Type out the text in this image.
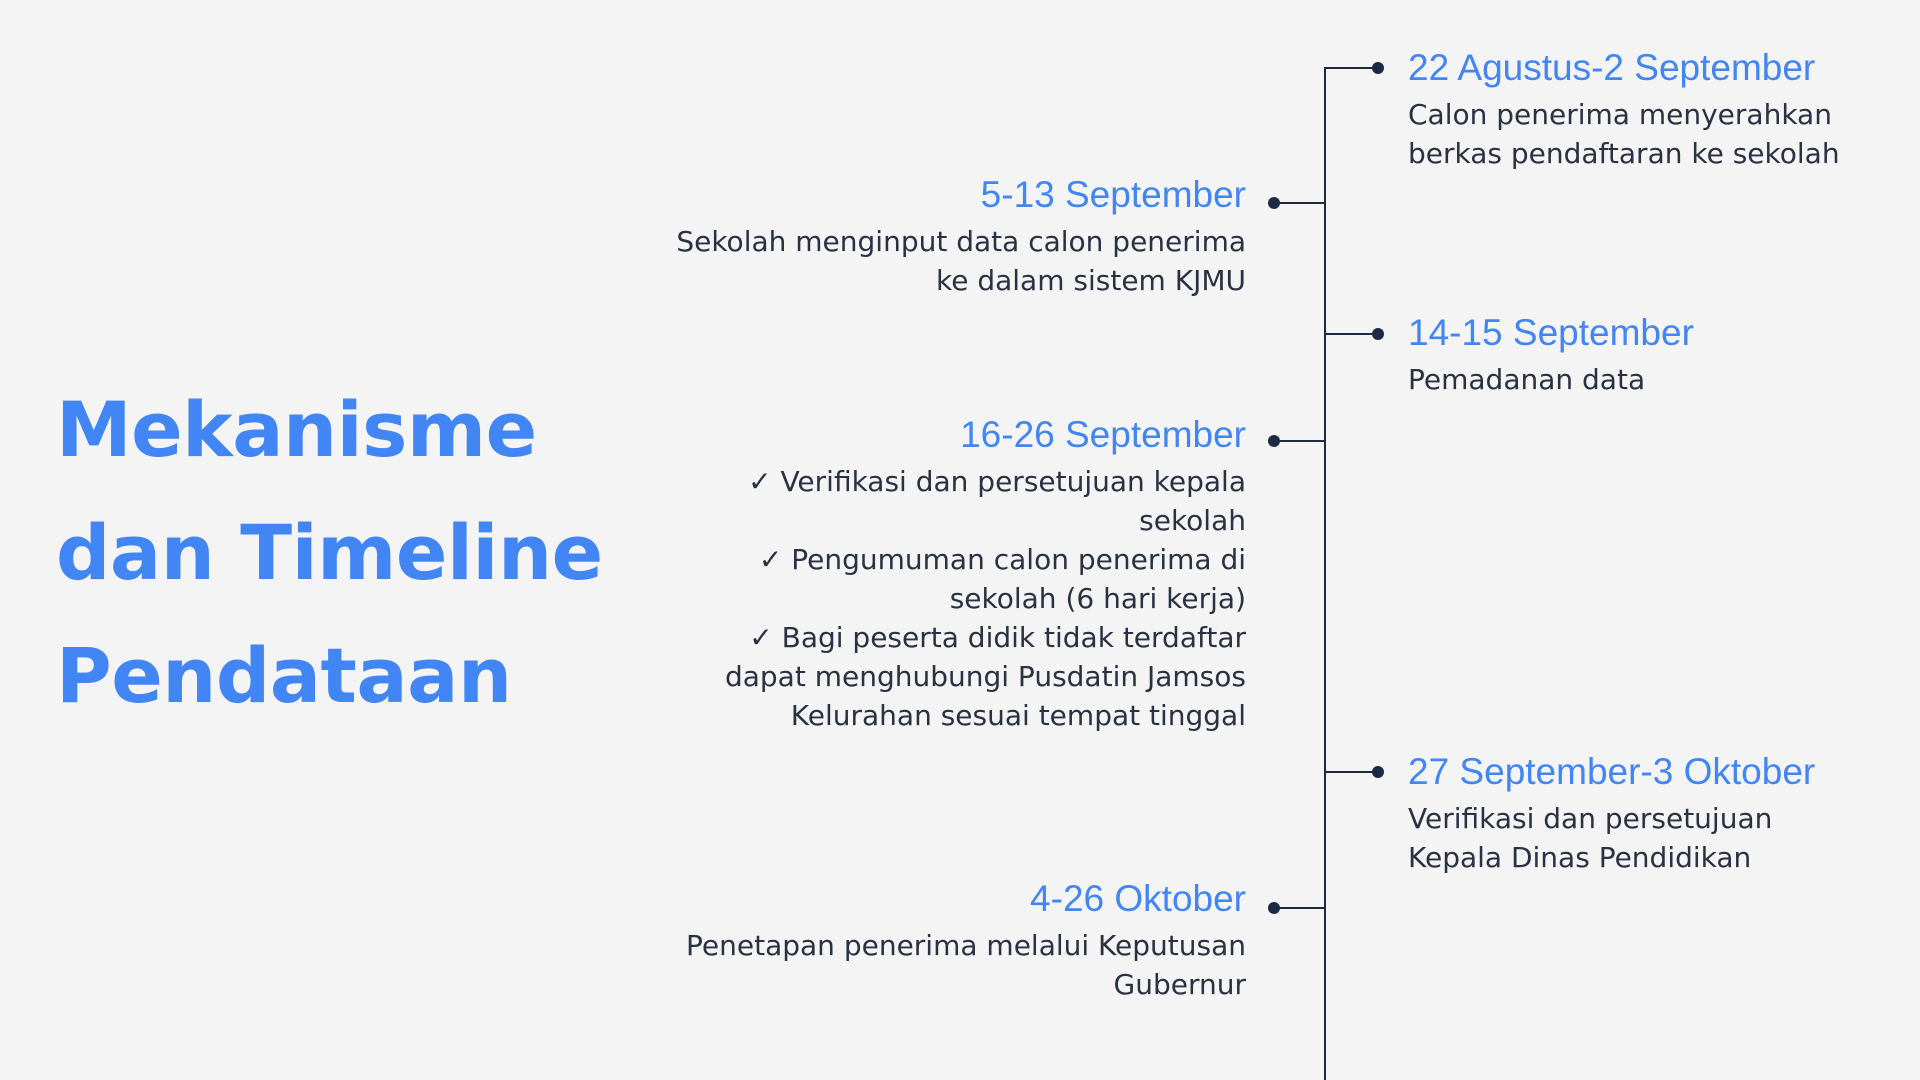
Mekanisme
dan Timeline
Pendataan
22 Agustus-2 September
Calon penerima menyerahkan
berkas pendaftaran ke sekolah
5-13 September
Sekolah menginput data calon penerima
ke dalam sistem KJMU
14-15 September
Pemadanan data
16-26 September
✓ Verifikasi dan persetujuan kepala
sekolah
✓ Pengumuman calon penerima di
sekolah (6 hari kerja)
✓ Bagi peserta didik tidak terdaftar
dapat menghubungi Pusdatin Jamsos
Kelurahan sesuai tempat tinggal
27 September-3 Oktober
Verifikasi dan persetujuan
Kepala Dinas Pendidikan
4-26 Oktober
Penetapan penerima melalui Keputusan
Gubernur
